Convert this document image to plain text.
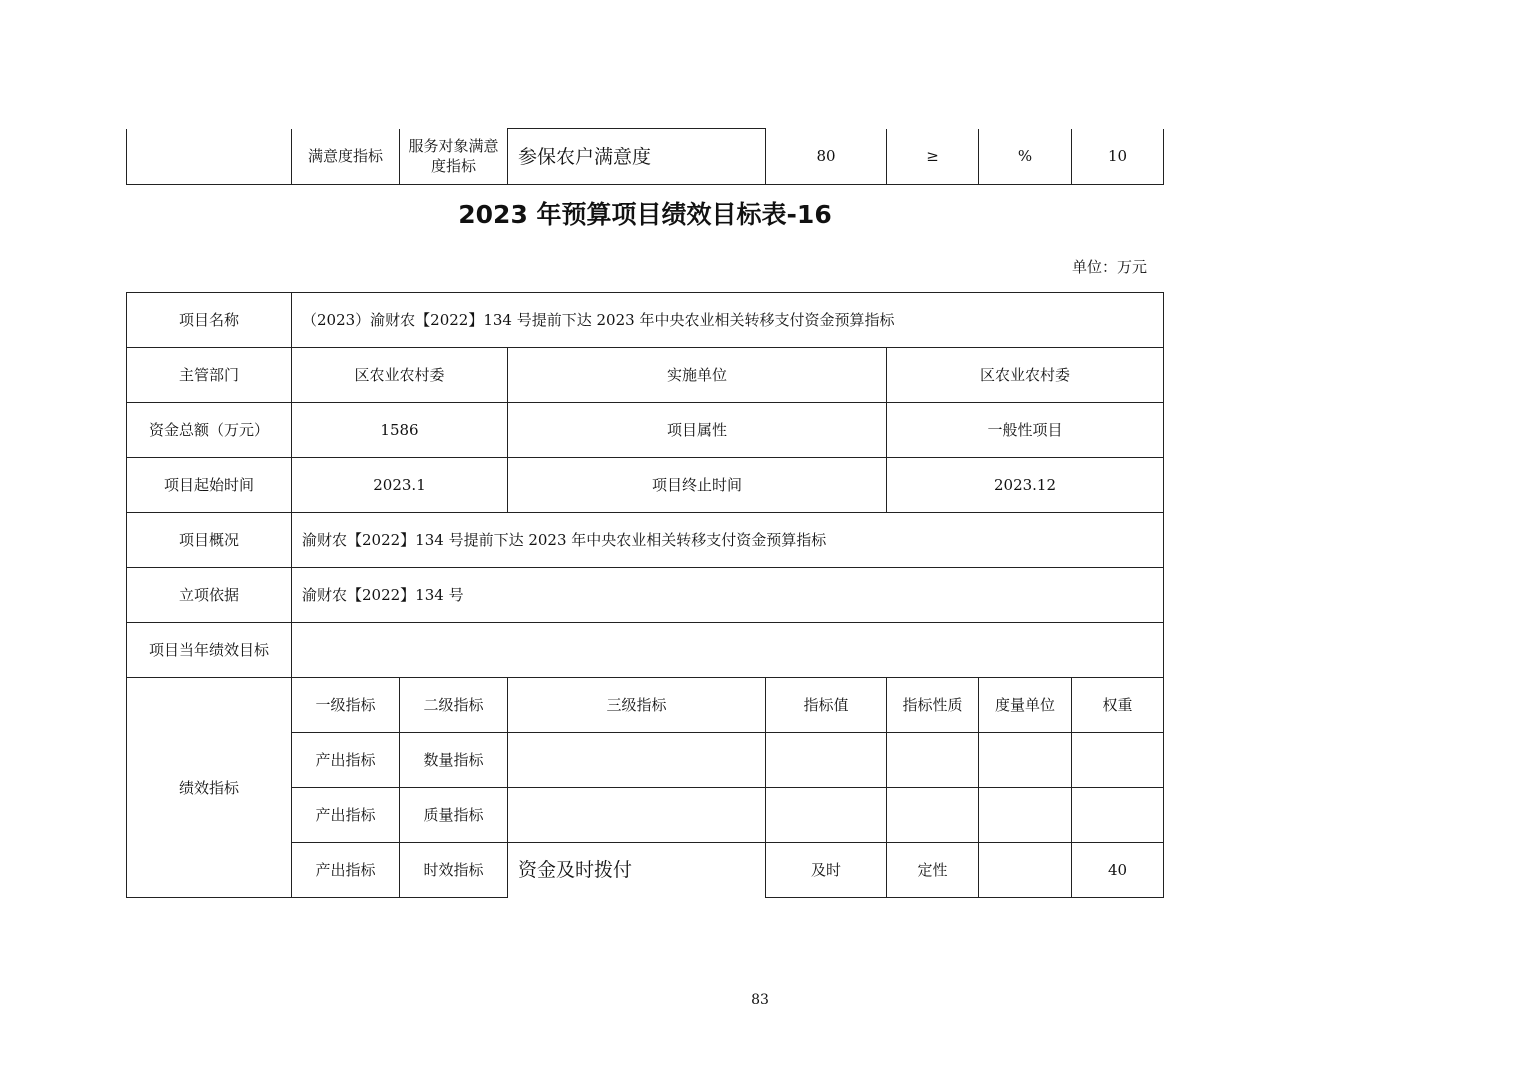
	满意度指标	服务对象满意度指标	参保农户满意度	80	≥	%	10
2023 年预算项目绩效目标表-16
单位：万元
项目名称	（2023）渝财农【2022】134 号提前下达 2023 年中央农业相关转移支付资金预算指标						
主管部门	区农业农村委		实施单位		区农业农村委		
资金总额（万元）	1586		项目属性		一般性项目		
项目起始时间	2023.1		项目终止时间		2023.12		
项目概况	渝财农【2022】134 号提前下达 2023 年中央农业相关转移支付资金预算指标						
立项依据	渝财农【2022】134 号						
项目当年绩效目标							
绩效指标	一级指标	二级指标	三级指标	指标值	指标性质	度量单位	权重
	产出指标	数量指标					
	产出指标	质量指标					
	产出指标	时效指标	资金及时拨付	及时	定性		40
83
